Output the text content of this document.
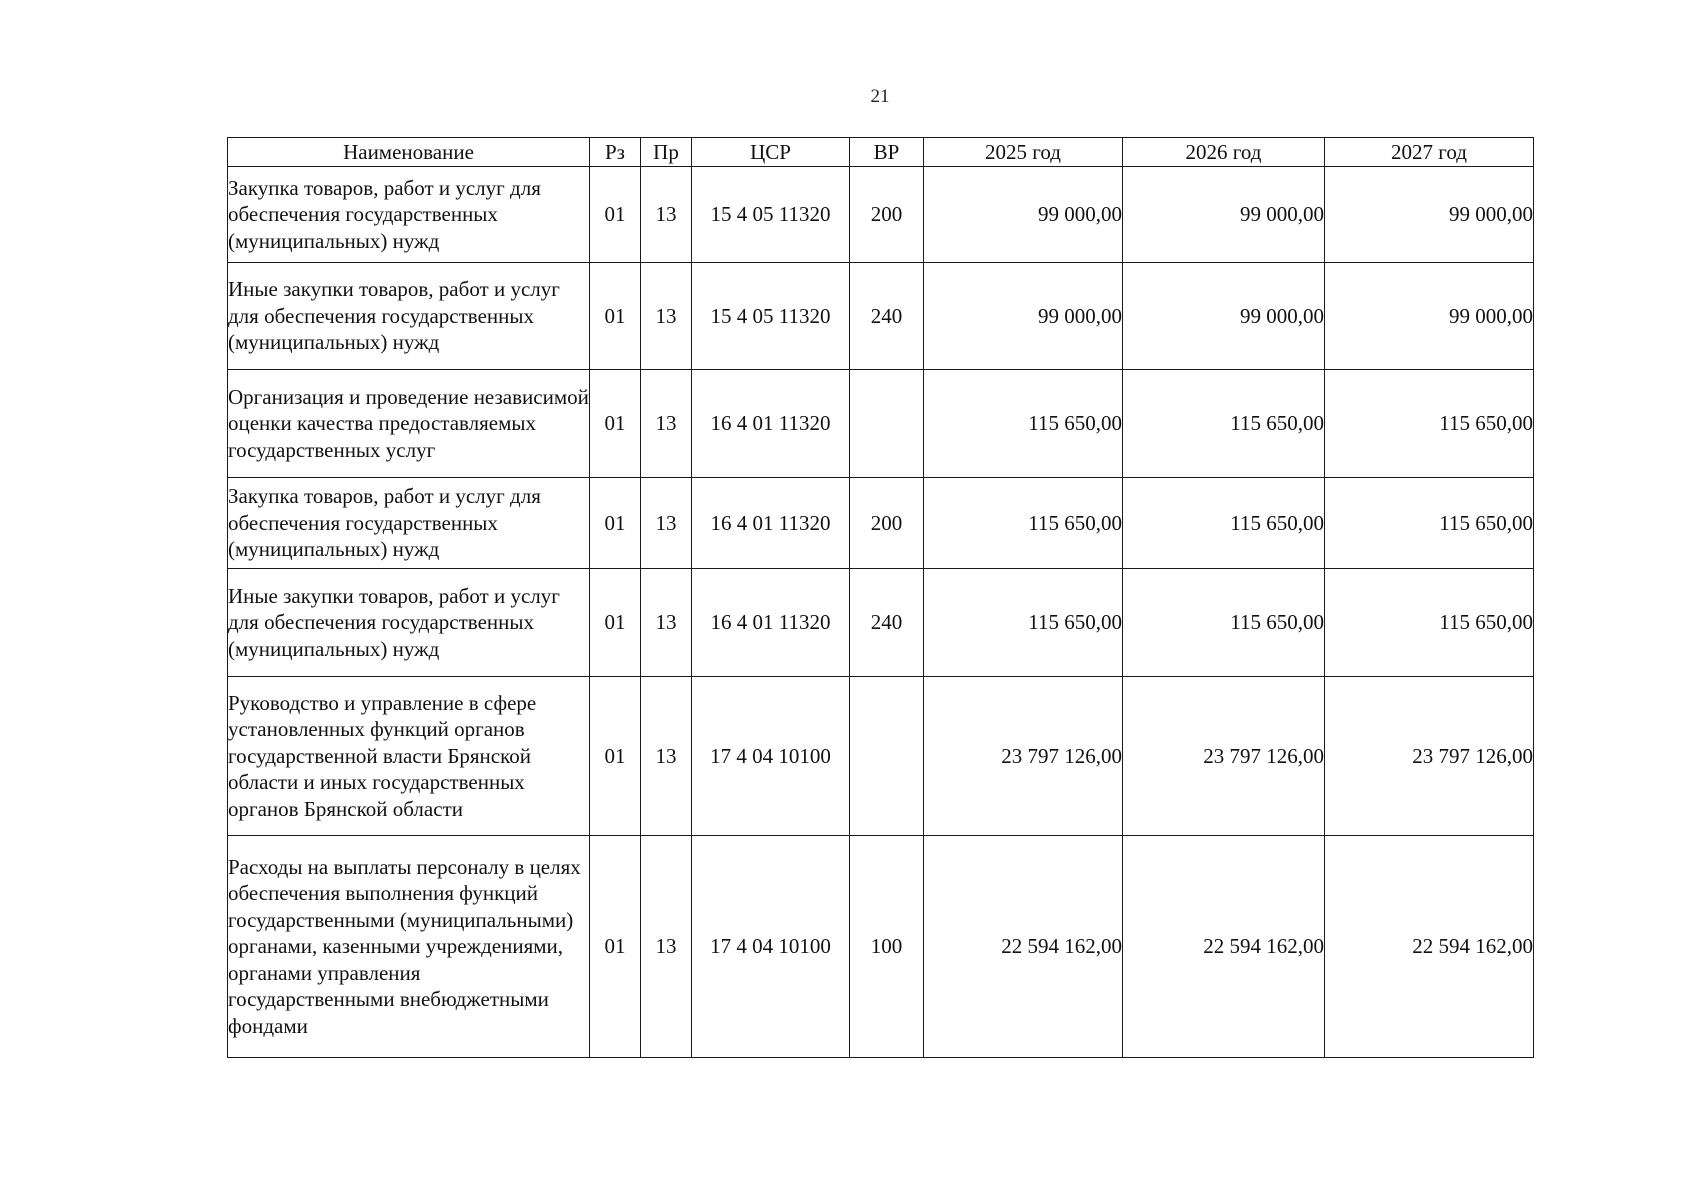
21
Наименование	Рз	Пр	ЦСР	ВР	2025 год	2026 год	2027 год
Закупка товаров, работ и услуг для обеспечения государственных (муниципальных) нужд	01	13	15 4 05 11320	200	99 000,00	99 000,00	99 000,00
Иные закупки товаров, работ и услуг для обеспечения государственных (муниципальных) нужд	01	13	15 4 05 11320	240	99 000,00	99 000,00	99 000,00
Организация и проведение независимой оценки качества предоставляемых государственных услуг	01	13	16 4 01 11320		115 650,00	115 650,00	115 650,00
Закупка товаров, работ и услуг для обеспечения государственных (муниципальных) нужд	01	13	16 4 01 11320	200	115 650,00	115 650,00	115 650,00
Иные закупки товаров, работ и услуг для обеспечения государственных (муниципальных) нужд	01	13	16 4 01 11320	240	115 650,00	115 650,00	115 650,00
Руководство и управление в сфере установленных функций органов государственной власти Брянской области и иных государственных органов Брянской области	01	13	17 4 04 10100		23 797 126,00	23 797 126,00	23 797 126,00
Расходы на выплаты персоналу в целях обеспечения выполнения функций государственными (муниципальными) органами, казенными учреждениями, органами управления государственными внебюджетными фондами	01	13	17 4 04 10100	100	22 594 162,00	22 594 162,00	22 594 162,00
